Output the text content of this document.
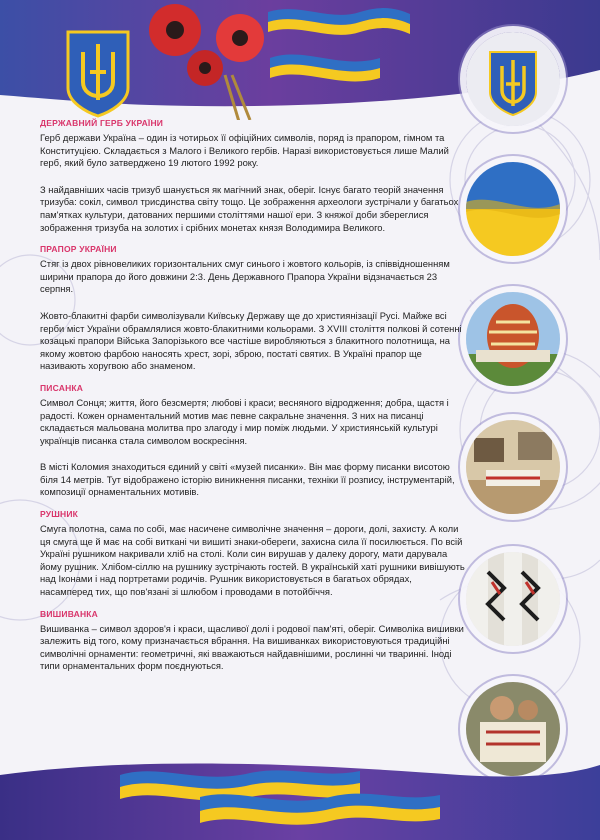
ДЕРЖАВНИЙ ГЕРБ УКРАЇНИ

Герб держави Україна – один із чотирьох її офіційних символів, поряд із прапором, гімном та Конституцією. Складається з Малого і Великого гербів. Наразі використовується лише Малий герб, який було затверджено 19 лютого 1992 року.

З найдавніших часів тризуб шанується як магічний знак, оберіг. Існує багато теорій значення тризуба: сокіл, символ трисдинства світу тощо. Це зображення археологи зустрічали у багатьох пам'ятках культури, датованих першими століттями нашої ери. З княжої доби збереглися зображення тризуба на золотих і срібних монетах князя Володимира Великого.

ПРАПОР УКРАЇНИ

Стяг із двох рівновеликих горизонтальних смуг синього і жовтого кольорів, із співвідношенням ширини прапора до його довжини 2:3. День Державного Прапора України відзначається 23 серпня.

Жовто-блакитні фарби символізували Київську Державу ще до християнізації Русі. Майже всі герби міст України обрамлялися жовто-блакитними кольорами. З XVIII століття полкові й сотенні козацькі прапори Війська Запорізького все частіше виробляються з блакитного полотнища, на якому жовтою фарбою наносять хрест, зорі, зброю, постаті святих. В Україні прапор ще називають хоругвою або знаменом.

ПИСАНКА

Символ Сонця; життя, його безсмертя; любові і краси; весняного відродження; добра, щастя і радості. Кожен орнаментальний мотив має певне сакральне значення. З них на писанці складається мальована молитва про злагоду і мир поміж людьми. У християнській культурі українців писанка стала символом воскресіння.

В місті Коломия знаходиться єдиний у світі «музей писанки». Він має форму писанки висотою біля 14 метрів. Тут відображено історію виникнення писанки, техніки її розпису, інструментарій, композиції орнаментальних мотивів.

РУШНИК

Смуга полотна, сама по собі, має насичене символічне значення – дороги, долі, захисту. А коли ця смуга ще й має на собі виткані чи вишиті знаки-обереги, захисна сила її посилюється. По всій Україні рушником накривали хліб на столі. Коли син вирушав у далеку дорогу, мати дарувала йому рушник. Хлібом-сіллю на рушнику зустрічають гостей. В українській хаті рушники вивішують над Іконами і над портретами родичів. Рушник використовується в багатьох обрядах, насамперед тих, що пов'язані зі шлюбом і проводами в потойбіччя.

ВИШИВАНКА

Вишиванка – символ здоров'я і краси, щасливої долі і родової пам'яті, оберіг. Символіка вишивки залежить від того, кому призначається вбрання. На вишиванках використовуються традиційні символічні орнаменти: геометричні, які вважаються найдавнішими, рослинні чи тваринні. Іноді типи орнаментальних форм поєднуються.
